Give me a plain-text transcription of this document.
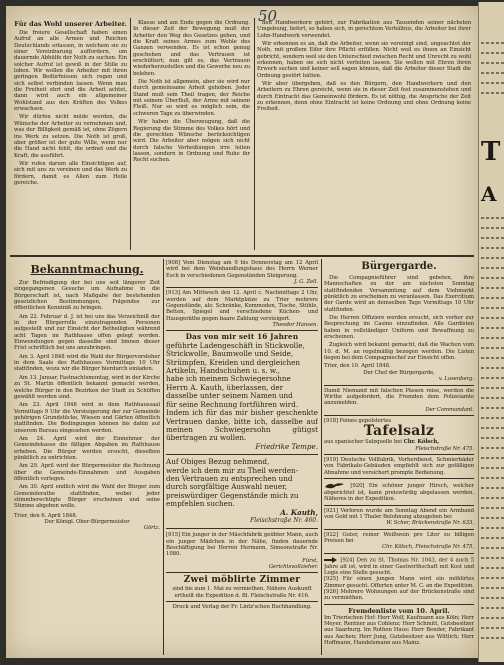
50
Für das Wohl unserer Arbeiter.

Die freiere Gesellschaft haben einen Aufruf an alle Armen und Reichen Deutschlands erlassen, in welchem sie zu einer Vereinbarung auffordern, um dauernde Abhülfe der Noth zu suchen. Ein solcher Aufruf ist gewiß in der Stille zu loben. Wir wollen die Arbeiter mit ihren geringen Bedürfnissen sich regen und sich selbst verbinden lassen. Wenn man die Freiheit ehrt und die Arbeit achtet, dann wird auch ein allgemeiner Wohlstand aus den Kräften des Volkes erwachsen.

Wir dürfen nicht müde werden, die Wünsche der Arbeiter zu vernehmen und, was der Billigkeit gemäß ist, ohne Zögern ins Werk zu setzen. Die Noth ist groß, aber größer ist der gute Wille, wenn nur die Hand nicht fehlt, die ordnet und die Kraft, die ausführt.

Wir rufen darum alle Einsichtigen auf, sich mit uns zu vereinen und das Werk zu fördern, damit es Allen zum Heile gereiche.

Klasse und am Ende gegen die Ordnung. In dieser Zeit der Bewegung muß der Arbeiter den Weg des Gesetzes gehen, und die Kraft seines Armes zum Wohle des Ganzen verwenden. Es ist schon genug geschehen und das Vertrauen ist erschüttert; nun gilt es, das Vertrauen wiederherzustellen und die Gewerbe neu zu beleben.

Die Noth ist allgemein, aber sie wird nur durch gemeinsame Arbeit gehoben. Jeder Stand muß sein Theil tragen, der Reiche mit seinem Überfluß, der Arme mit seinem Fleiß. Nur so wird es möglich sein, die schweren Tage zu überwinden.

Wir haben die Überzeugung, daß die Regierung die Stimme des Volkes hört und die gerechten Wünsche berücksichtigen wird. Die Arbeiter aber mögen sich nicht durch falsche Verheißungen irre leiten lassen, sondern in Ordnung und Ruhe ihr Recht suchen.

den Handwerkern gehört, zur Fabrikation aus Tausenden seiner nächsten Umgebung, liefert, so haben sich, in gerechtem Verhältnis, die Arbeiter bei ihrer Lohn-Handwerk verwendet.

Wir erkennen es an, daß die Arbeiter, wenn sie vereinigt sind, ungeachtet der Noth, mit großem Eifer ihre Pflicht erfüllen. Nicht weil es ihnen an Einsicht gebricht, sondern weil sie den Unterschied zwischen Recht und Unrecht zu wohl erkennen, haben sie sich nicht verleiten lassen. Sie wollen mit Ehren ihren Erwerb suchen und keiner soll sagen können, daß die Arbeiter dieser Stadt die Ordnung gestört hätten.

Wir aber übergeben, daß es den Bürgern, den Handwerkern und den Arbeitern zu Ehren gereicht, wenn sie in dieser Zeit fest zusammenstehen und durch Eintracht das Gemeinwohl fördern. Es ist nöthig, die Ansprüche der Zeit zu erkennen, denn ohne Eintracht ist keine Ordnung und ohne Ordnung keine Freiheit.

Bekanntmachung.

Zur Befriedigung der bei uns seit längerer Zeit eingegangenen Gesuche um Aufnahme in die Bürgerschaft ist, nach Maßgabe der bestehenden gesetzlichen Bestimmungen, Folgendes zur öffentlichen Kenntniß zu bringen.

Am 22. Februar d. J. ist bei uns das Verzeichniß der in der Bürgerrolle einzutragenden Personen aufgestellt und zur Einsicht der Betheiligten während acht Tagen im Rathhause offen gelegt worden. Einwendungen gegen dasselbe sind binnen dieser Frist schriftlich bei uns anzubringen.

Am 3. April 1848 wird die Wahl der Bürgervorsteher in dem Saale des Rathhauses Vormittags 10 Uhr stattfinden, wozu wir die Bürger hierdurch einladen.

Am 13. Januar, Fastnachtsmontag, wird in der Kirche zu St. Martin öffentlich bekannt gemacht werden, welche Bürger in den Bezirken der Stadt zu Schöffen gewählt worden sind.

Am 23. April 1848 wird in dem Rathhaussaal Vormittags 9 Uhr die Versteigerung der zur Gemeinde gehörigen Grundstücke, Wiesen und Gärten öffentlich stattfinden. Die Bedingungen können bis dahin auf unserem Bureau eingesehen werden.

Am 24. April wird der Einnehmer der Gemeindekasse die fälligen Abgaben im Rathhause erheben. Die Bürger werden ersucht, dieselben pünktlich zu entrichten.

Am 29. April wird der Bürgermeister die Rechnung über die Gemeinde-Einnahmen und Ausgaben öffentlich vorlegen.

Am 30. April endlich wird die Wahl der Bürger zum Gemeinderathe stattfinden, wobei jeder stimmberechtigte Bürger erscheinen und seine Stimme abgeben wolle.

Trier, den 6. April 1848.
Der Königl. Ober-Bürgermeister
Görtz.
[908] Vom Dienstag am 9 bis Donnerstag am 12 April wird bei dem Weinhandlungshaus des Herrn Werner Esch in verschiedenen Gegenständen Steigerung.
J. G. Zell.
[913] Am Mittwoch den 12. April c. Nachmittags 2 Uhr, werden auf dem Marktplatze zu Trier mehrere Gegenstände, als: Schränke, Kommoden, Tische, Stühle, Betten, Spiegel und verschiedene Küchen- und Hausgeräthe gegen baare Zahlung versteigert.
Theodor Hansen.
Das von mir seit 16 Jahren
geführte Ladengeschäft in Stickwolle,
Strickwolle, Baumwolle und Seide,
Strümpfen, Kreiden und dergleichen
Artikeln, Handschuhen u. s. w.,
habe ich meinem Schwiegersohne
Herrn A. Kauth, überlassen, der
dasselbe unter seinem Namen und
für seine Rechnung fortführen wird.
Indem ich für das mir bisher geschenkte Vertrauen danke, bitte ich, dasselbe auf meinen Schwiegersohn gütigst übertragen zu wollen.
Friedrike Tempe.
Auf Obiges Bezug nehmend,
werde ich dem mir zu Theil werden-
den Vertrauen zu entsprechen und
durch sorgfältige Auswahl neuer,
preiswürdiger Gegenstände mich zu
empfehlen suchen.
A. Kauth,
Fleischstraße Nr. 460.
[915] Ein junger in der Mäschfabrik geübter Mann, auch ein junger Mädchen in der Nähe, finden dauernde Beschäftigung bei Herren Hermann, Simeonstraße Nr. 1080.
Fürst,
Gerichtsvollzieher.
Zwei möblirte Zimmer
sind bis zum 1. Mai zu vermiethen. Nähere Auskunft ertheilt die Expedition d. Bl. Fleischstraße Nr. 416.
Druck und Verlag der Fr. Lintz'schen Buchhandlung.
Bürgergarde.

Die Compagnieführer sind gebeten, ihre Mannschaften zu der am nächsten Sonntag stattfindenden Versammlung auf dem Viehmarkt pünktlich zu erscheinen zu veranlassen. Das Exercitium der Garde wird an demselben Tage Vormittags 10 Uhr stattfinden.

Die Herren Offiziere werden ersucht, sich vorher zur Besprechung im Casino einzufinden. Alle Gardisten haben in vollständiger Uniform und Bewaffnung zu erscheinen.

Zugleich wird bekannt gemacht, daß die Wachen vom 10. d. M. an regelmäßig bezogen werden. Die Listen liegen bei dem Compagniechef zur Einsicht offen.

Trier, den 10. April 1848.
Der Chef der Bürgergarde,
v. Lasenberg.
Damit Niemand mit falschen Pässen reise, werden die Wirthe aufgefordert, die Fremden dem Polizeiamte anzumelden.
Der Commandant.
[918] Feines gepolstertes
Tafelsalz
aus spanischer Salzquelle bei Chr. Kölsch,
Fleischstraße Nr. 475.
[919] Deutsche Vollfabrik, Vorherdienst, Schmierbäder von Fabrikate-Gebäuden empfiehlt sich zur gefälligen Abnahme und versichert prompte Bedienung.
[920] Ein schöner junger Hirsch, welcher abgerichtet ist, kann preiswürdig abgelassen werden. Näheres in der Expedition.
[921] Verloren wurde am Sonntag Abend ein Armband von Gold mit 1 Thaler Belohnung abzugeben bei
W. Scher, Brückenstraße Nr. 633.
[922] Guter, reiner Weißwein pro Liter zu billigen Preisen bei
Chr. Kölsch, Fleischstraße Nr. 475.
[924] Den zu St. Thomas Nr. 1043, der 4 auch 5 Jahre alt ist, wird in einer Gastwirthschaft mit Kost und Logis eine Stelle gesucht.
[925] Für einen jungen Mann wird ein möblirtes Zimmer gesucht. Offerten unter M. C. an die Expedition.
[926] Mehrere Wohnungen auf der Brückenstraße sind zu vermiethen.
Fremdenliste vom 10. April.
Im Trierischen Hof: Herr Wolf, Kaufmann aus Köln; Herr Meyer, Rentner aus Coblenz; Herr Schmitt, Gutsbesitzer aus Saarburg. Im Rothen Haus: Herr Bender, Fabrikant aus Aachen; Herr Jung, Gutsbesitzer aus Wittlich; Herr Hoffmann, Handelsmann aus Mainz.
T
A
